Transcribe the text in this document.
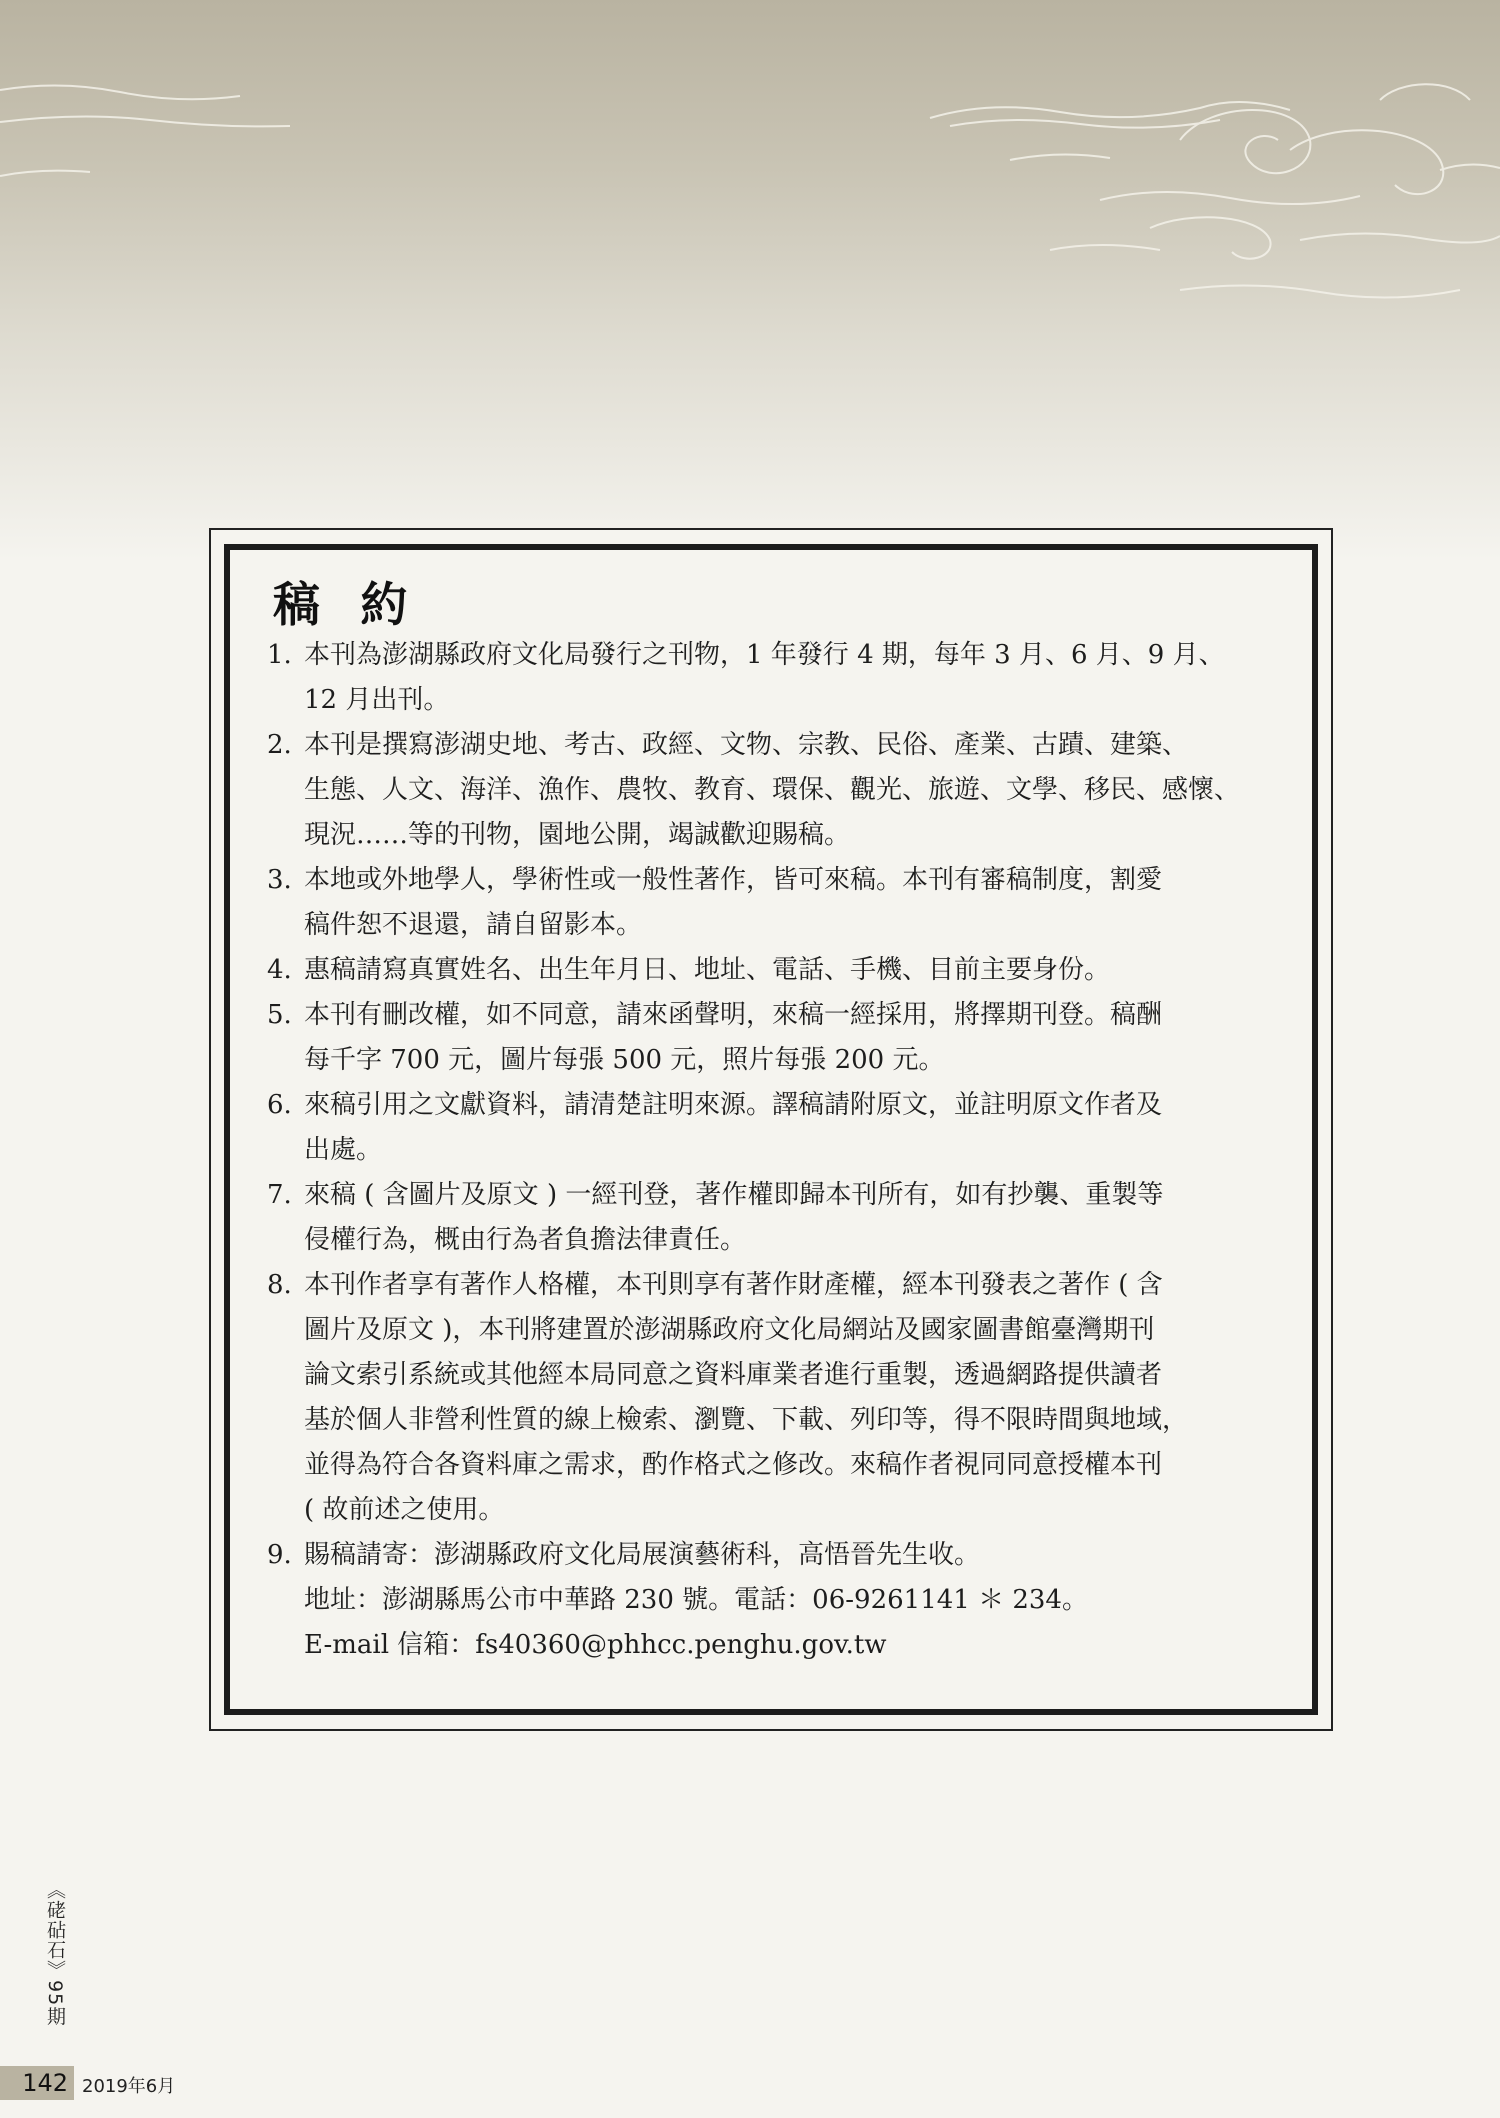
稿 約
1. 本刊為澎湖縣政府文化局發行之刊物，1 年發行 4 期，每年 3 月、6 月、9 月、
12 月出刊。
2. 本刊是撰寫澎湖史地、考古、政經、文物、宗教、民俗、產業、古蹟、建築、
生態、人文、海洋、漁作、農牧、教育、環保、觀光、旅遊、文學、移民、感懷、
現況……等的刊物，園地公開，竭誠歡迎賜稿。
3. 本地或外地學人，學術性或一般性著作，皆可來稿。本刊有審稿制度，割愛
稿件恕不退還，請自留影本。
4. 惠稿請寫真實姓名、出生年月日、地址、電話、手機、目前主要身份。
5. 本刊有刪改權，如不同意，請來函聲明，來稿一經採用，將擇期刊登。稿酬
每千字 700 元，圖片每張 500 元，照片每張 200 元。
6. 來稿引用之文獻資料，請清楚註明來源。譯稿請附原文，並註明原文作者及
出處。
7. 來稿 ( 含圖片及原文 ) 一經刊登，著作權即歸本刊所有，如有抄襲、重製等
侵權行為，概由行為者負擔法律責任。
8. 本刊作者享有著作人格權，本刊則享有著作財產權，經本刊發表之著作 ( 含
圖片及原文 )，本刊將建置於澎湖縣政府文化局網站及國家圖書館臺灣期刊
論文索引系統或其他經本局同意之資料庫業者進行重製，透過網路提供讀者
基於個人非營利性質的線上檢索、瀏覽、下載、列印等，得不限時間與地域，
並得為符合各資料庫之需求，酌作格式之修改。來稿作者視同同意授權本刊
( 故前述之使用。
9. 賜稿請寄：澎湖縣政府文化局展演藝術科，高悟晉先生收。
地址：澎湖縣馬公市中華路 230 號。電話：06-9261141 ＊ 234。
E-mail 信箱：fs40360@phhcc.penghu.gov.tw
《硓砧石》95期
142 2019年6月
